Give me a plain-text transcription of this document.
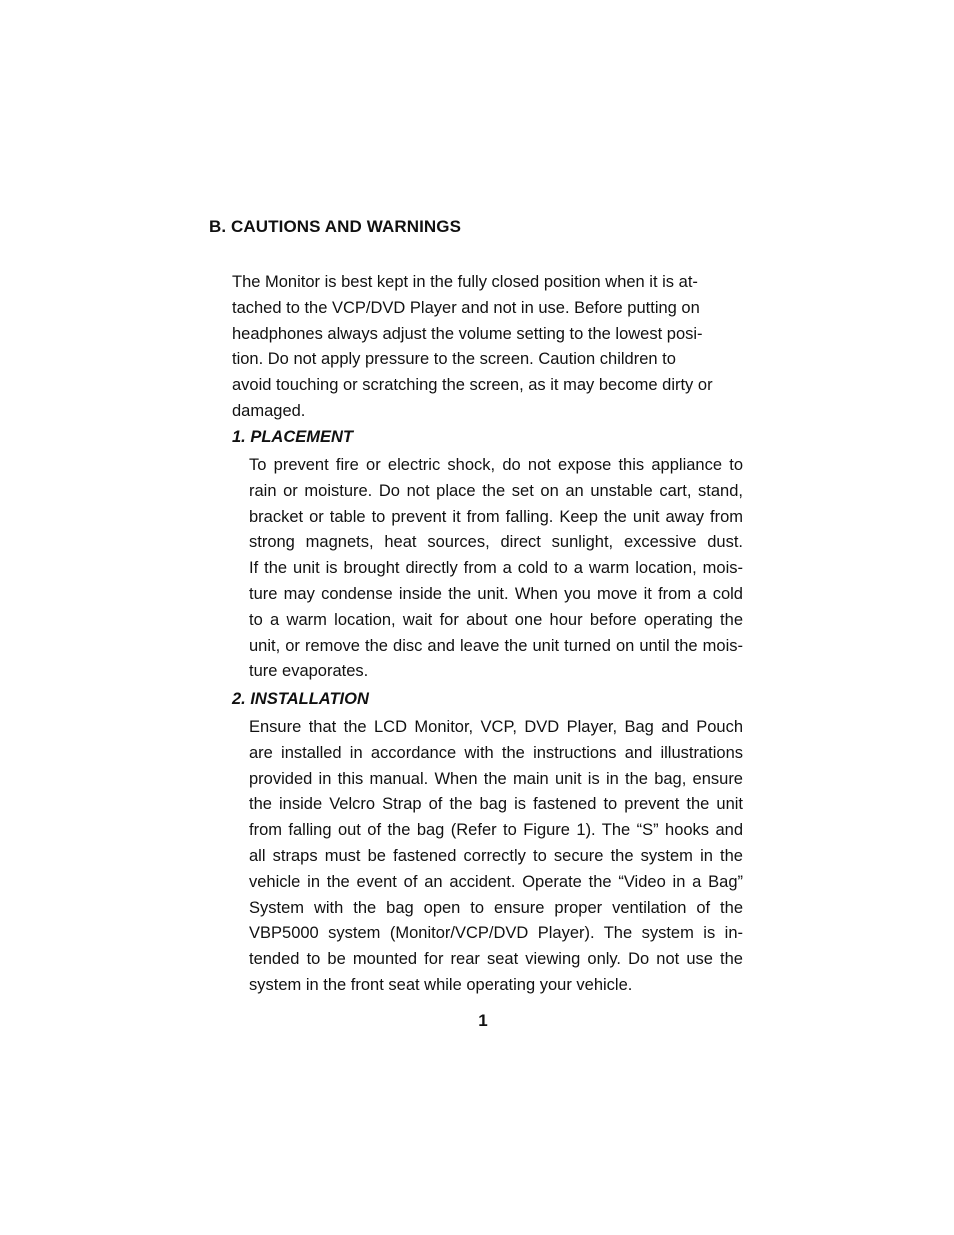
B. CAUTIONS AND WARNINGS
The Monitor is best kept in the fully closed position when it is at-
tached to the VCP/DVD Player and not in use. Before putting on
headphones always adjust the volume setting to the lowest posi-
tion. Do not apply pressure to the screen. Caution children to
avoid touching or scratching the screen, as it may become dirty or
damaged.
1. PLACEMENT
To prevent fire or electric shock, do not expose this appliance to
rain or moisture. Do not place the set on an unstable cart, stand,
bracket or table to prevent it from falling. Keep the unit away from
strong magnets, heat sources, direct sunlight, excessive dust.
If the unit is brought directly from a cold to a warm location, mois-
ture may condense inside the unit. When you move it from a cold
to a warm location, wait for about one hour before operating the
unit, or remove the disc and leave the unit turned on until the mois-
ture evaporates.
2. INSTALLATION
Ensure that the LCD Monitor, VCP, DVD Player, Bag and Pouch
are installed in accordance with the instructions and illustrations
provided in this manual. When the main unit is in the bag, ensure
the inside Velcro Strap of the bag is fastened to prevent the unit
from falling out of the bag (Refer to Figure 1). The “S” hooks and
all straps must be fastened correctly to secure the system in the
vehicle in the event of an accident. Operate the “Video in a Bag”
System with the bag open to ensure proper ventilation of the
VBP5000 system (Monitor/VCP/DVD Player). The system is in-
tended to be mounted for rear seat viewing only. Do not use the
system in the front seat while operating your vehicle.
1
